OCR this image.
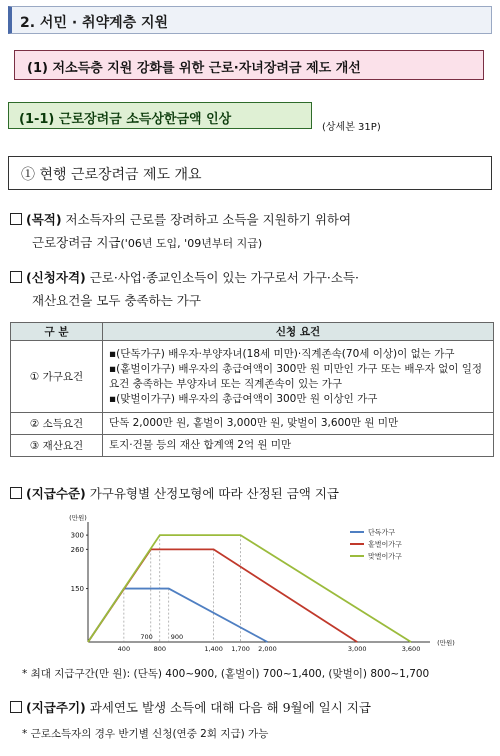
2. 서민 · 취약계층 지원
(1) 저소득층 지원 강화를 위한 근로·자녀장려금 제도 개선
(1-1) 근로장려금 소득상한금액 인상
(상세본 31P)
① 현행 근로장려금 제도 개요
(목적) 저소득자의 근로를 장려하고 소득을 지원하기 위하여
근로장려금 지급('06년 도입, '09년부터 지급)
(신청자격) 근로·사업·종교인소득이 있는 가구로서 가구·소득·
재산요건을 모두 충족하는 가구
구 분	신청 요건
① 가구요건	▪(단독가구) 배우자·부양자녀(18세 미만)·직계존속(70세 이상)이 없는 가구
▪(홑벌이가구) 배우자의 총급여액이 300만 원 미만인 가구 또는 배우자 없이 일정 요건 충족하는 부양자녀 또는 직계존속이 있는 가구
▪(맞벌이가구) 배우자의 총급여액이 300만 원 이상인 가구

② 소득요건	단독 2,000만 원, 홑벌이 3,000만 원, 맞벌이 3,600만 원 미만
③ 재산요건	토지·건물 등의 재산 합계액 2억 원 미만
(지급수준) 가구유형별 산정모형에 따라 산정된 금액 지급
(만원)
(만원)
150
260
300
400
700
800
900
1,400 1,700 2,000	3,000	3,600
단독가구
홑벌이가구
맞벌이가구
* 최대 지급구간(만 원): (단독) 400~900, (홑벌이) 700~1,400, (맞벌이) 800~1,700
(지급주기) 과세연도 발생 소득에 대해 다음 해 9월에 일시 지급
* 근로소득자의 경우 반기별 신청(연중 2회 지급) 가능
